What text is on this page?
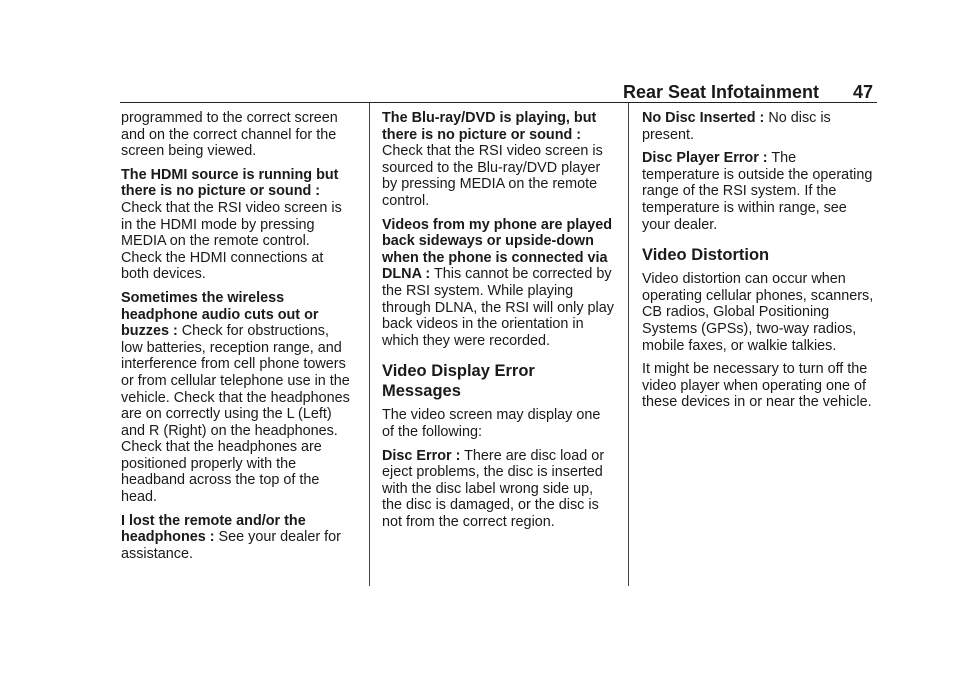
Rear Seat Infotainment 47

programmed to the correct screen and on the correct channel for the screen being viewed.

The HDMI source is running but there is no picture or sound : Check that the RSI video screen is in the HDMI mode by pressing MEDIA on the remote control. Check the HDMI connections at both devices.

Sometimes the wireless headphone audio cuts out or buzzes : Check for obstructions, low batteries, reception range, and interference from cell phone towers or from cellular telephone use in the vehicle. Check that the headphones are on correctly using the L (Left) and R (Right) on the headphones. Check that the headphones are positioned properly with the headband across the top of the head.

I lost the remote and/or the headphones : See your dealer for assistance.

The Blu-ray/DVD is playing, but there is no picture or sound : Check that the RSI video screen is sourced to the Blu-ray/DVD player by pressing MEDIA on the remote control.

Videos from my phone are played back sideways or upside-down when the phone is connected via DLNA : This cannot be corrected by the RSI system. While playing through DLNA, the RSI will only play back videos in the orientation in which they were recorded.

Video Display Error Messages

The video screen may display one of the following:

Disc Error : There are disc load or eject problems, the disc is inserted with the disc label wrong side up, the disc is damaged, or the disc is not from the correct region.

No Disc Inserted : No disc is present.

Disc Player Error : The temperature is outside the operating range of the RSI system. If the temperature is within range, see your dealer.

Video Distortion

Video distortion can occur when operating cellular phones, scanners, CB radios, Global Positioning Systems (GPSs), two-way radios, mobile faxes, or walkie talkies.

It might be necessary to turn off the video player when operating one of these devices in or near the vehicle.
